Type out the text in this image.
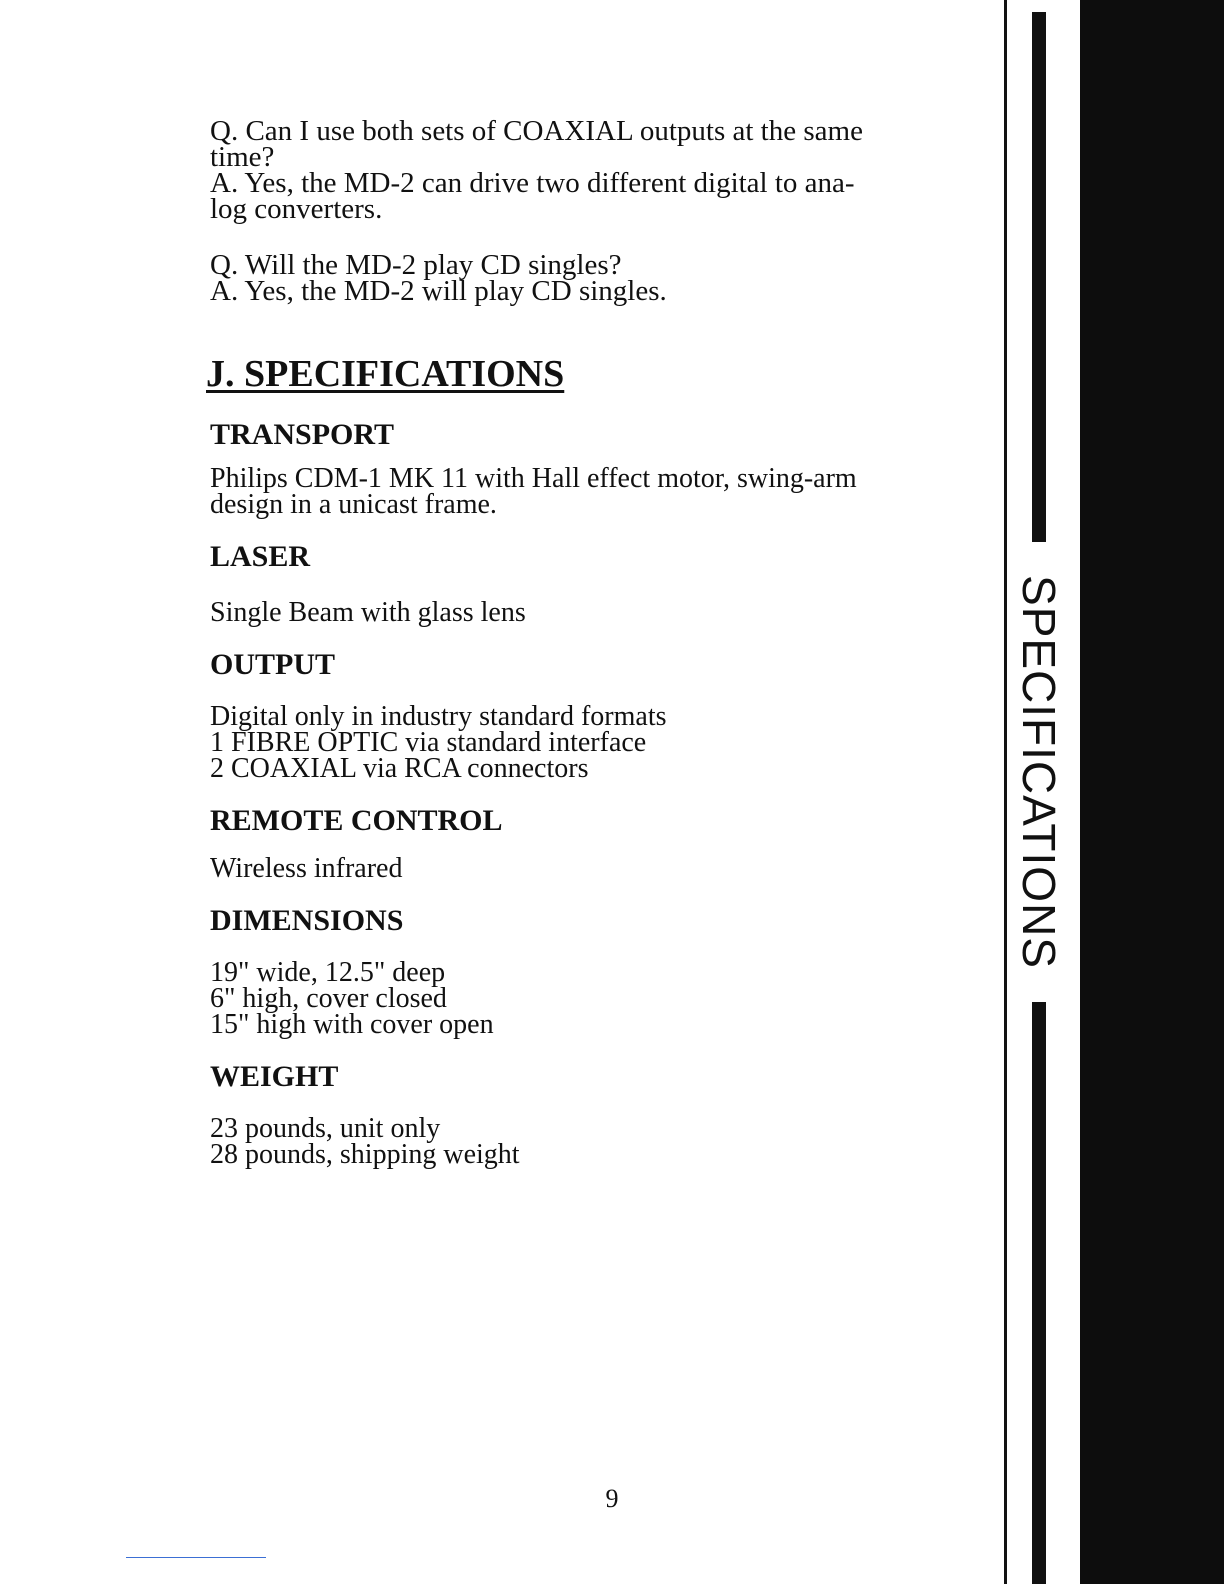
Q. Can I use both sets of COAXIAL outputs at the same

time?

A. Yes, the MD-2 can drive two different digital to ana-

log converters.

Q. Will the MD-2 play CD singles?

A. Yes, the MD-2 will play CD singles.

J. SPECIFICATIONS
TRANSPORT
Philips CDM-1 MK 11 with Hall effect motor, swing-arm
design in a unicast frame.
LASER
Single Beam with glass lens
OUTPUT
Digital only in industry standard formats
1 FIBRE OPTIC via standard interface
2 COAXIAL via RCA connectors
REMOTE CONTROL
Wireless infrared
DIMENSIONS
19" wide, 12.5" deep
6" high, cover closed
15" high with cover open
WEIGHT
23 pounds, unit only
28 pounds, shipping weight
9
SPECIFICATIONS
